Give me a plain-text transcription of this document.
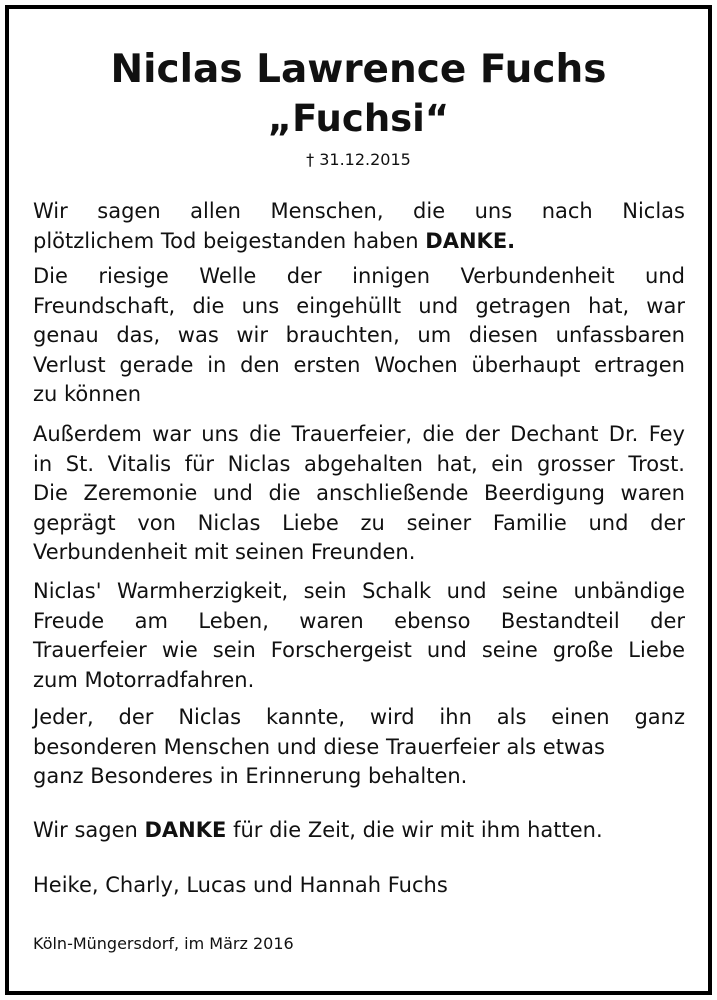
Niclas Lawrence Fuchs
„Fuchsi“
† 31.12.2015
Wir sagen allen Menschen, die uns nach Niclas
plötzlichem Tod beigestanden haben DANKE.
Die riesige Welle der innigen Verbundenheit und
Freundschaft, die uns eingehüllt und getragen hat, war
genau das, was wir brauchten, um diesen unfassbaren
Verlust gerade in den ersten Wochen überhaupt ertragen
zu können
Außerdem war uns die Trauerfeier, die der Dechant Dr. Fey
in St. Vitalis für Niclas abgehalten hat, ein grosser Trost.
Die Zeremonie und die anschließende Beerdigung waren
geprägt von Niclas Liebe zu seiner Familie und der
Verbundenheit mit seinen Freunden.
Niclas' Warmherzigkeit, sein Schalk und seine unbändige
Freude am Leben, waren ebenso Bestandteil der
Trauerfeier wie sein Forschergeist und seine große Liebe
zum Motorradfahren.
Jeder, der Niclas kannte, wird ihn als einen ganz
besonderen Menschen und diese Trauerfeier als etwas
ganz Besonderes in Erinnerung behalten.
Wir sagen DANKE für die Zeit, die wir mit ihm hatten.
Heike, Charly, Lucas und Hannah Fuchs
Köln-Müngersdorf, im März 2016
